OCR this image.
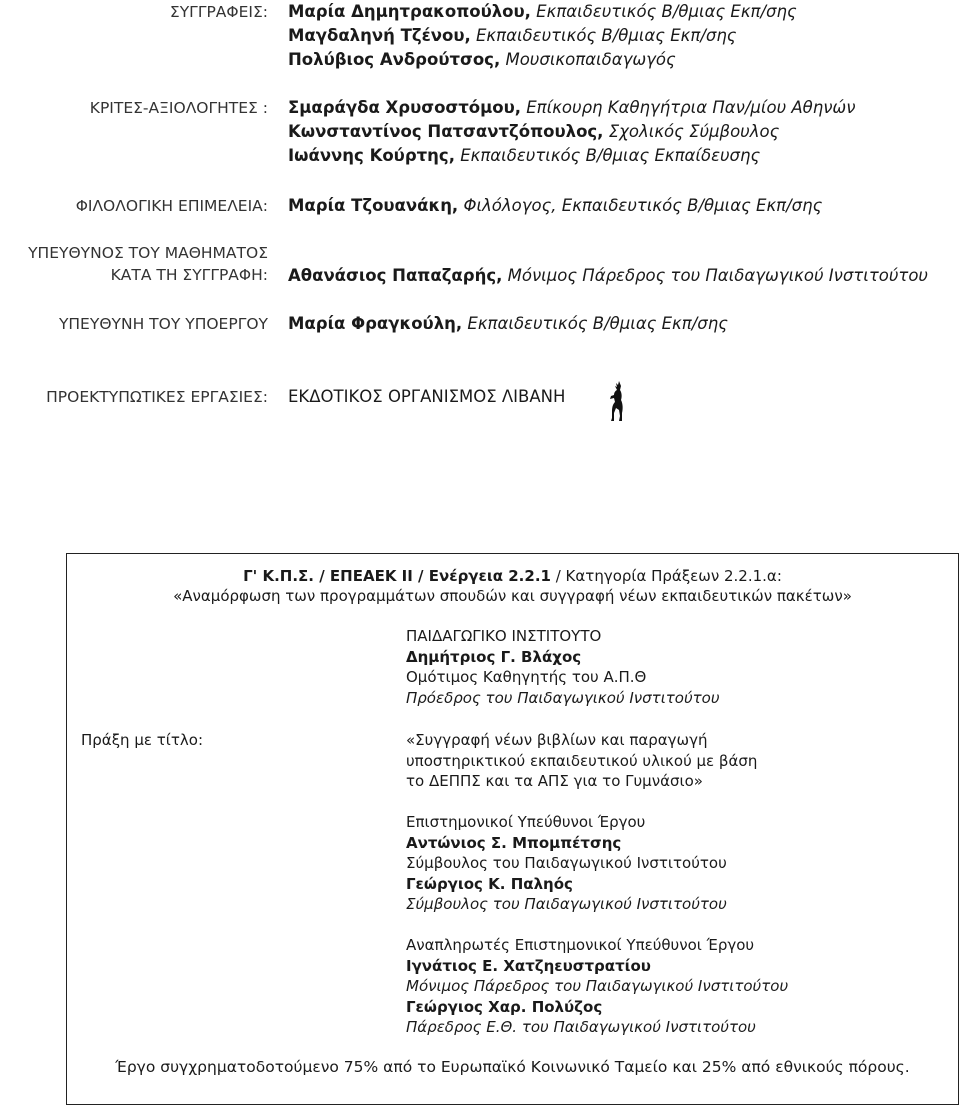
ΣΥΓΓΡΑΦΕΙΣ: Μαρία Δημητρακοπούλου, Εκπαιδευτικός Β/θμιας Εκπ/σης
Μαγδαληνή Τζένου, Εκπαιδευτικός Β/θμιας Εκπ/σης
Πολύβιος Ανδρούτσος, Μουσικοπαιδαγωγός
ΚΡΙΤΕΣ-ΑΞΙΟΛΟΓΗΤΕΣ : Σμαράγδα Χρυσοστόμου, Επίκουρη Καθηγήτρια Παν/μίου Αθηνών
Κωνσταντίνος Πατσαντζόπουλος, Σχολικός Σύμβουλος
Ιωάννης Κούρτης, Εκπαιδευτικός Β/θμιας Εκπαίδευσης
ΦΙΛΟΛΟΓΙΚΗ ΕΠΙΜΕΛΕΙΑ: Μαρία Τζουανάκη, Φιλόλογος, Εκπαιδευτικός Β/θμιας Εκπ/σης
ΥΠΕΥΘΥΝΟΣ ΤΟΥ ΜΑΘΗΜΑΤΟΣ
ΚΑΤΑ ΤΗ ΣΥΓΓΡΑΦΗ: Αθανάσιος Παπαζαρής, Μόνιμος Πάρεδρος του Παιδαγωγικού Ινστιτούτου
ΥΠΕΥΘΥΝΗ ΤΟΥ ΥΠΟΕΡΓΟΥ Μαρία Φραγκούλη, Εκπαιδευτικός Β/θμιας Εκπ/σης
ΠΡΟΕΚΤΥΠΩΤΙΚΕΣ ΕΡΓΑΣΙΕΣ: ΕΚΔΟΤΙΚΟΣ ΟΡΓΑΝΙΣΜΟΣ ΛΙΒΑΝΗ
Γ' Κ.Π.Σ. / ΕΠΕΑΕΚ ΙΙ / Ενέργεια 2.2.1 / Κατηγορία Πράξεων 2.2.1.α:
«Αναμόρφωση των προγραμμάτων σπουδών και συγγραφή νέων εκπαιδευτικών πακέτων»
ΠΑΙΔΑΓΩΓΙΚΟ ΙΝΣΤΙΤΟΥΤΟ
Δημήτριος Γ. Βλάχος
Ομότιμος Καθηγητής του Α.Π.Θ
Πρόεδρος του Παιδαγωγικού Ινστιτούτου
Πράξη με τίτλο:	«Συγγραφή νέων βιβλίων και παραγωγή
υποστηρικτικού εκπαιδευτικού υλικού με βάση
το ΔΕΠΠΣ και τα ΑΠΣ για το Γυμνάσιο»
Επιστημονικοί Υπεύθυνοι Έργου
Αντώνιος Σ. Μπομπέτσης
Σύμβουλος του Παιδαγωγικού Ινστιτούτου
Γεώργιος Κ. Παληός
Σύμβουλος του Παιδαγωγικού Ινστιτούτου
Αναπληρωτές Επιστημονικοί Υπεύθυνοι Έργου
Ιγνάτιος Ε. Χατζηευστρατίου
Μόνιμος Πάρεδρος του Παιδαγωγικού Ινστιτούτου
Γεώργιος Χαρ. Πολύζος
Πάρεδρος Ε.Θ. του Παιδαγωγικού Ινστιτούτου
Έργο συγχρηματοδοτούμενο 75% από το Ευρωπαϊκό Κοινωνικό Ταμείο και 25% από εθνικούς πόρους.
